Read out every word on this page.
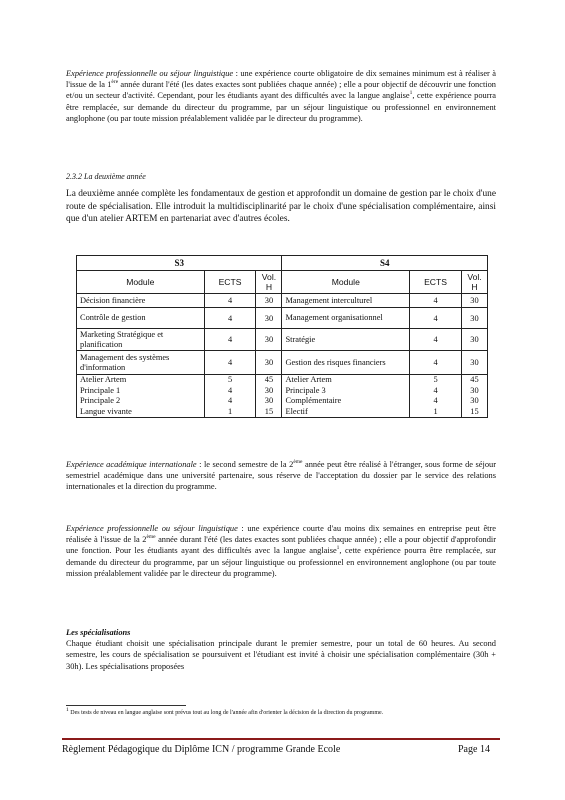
Expérience professionnelle ou séjour linguistique : une expérience courte obligatoire de dix semaines minimum est à réaliser à l'issue de la 1ère année durant l'été (les dates exactes sont publiées chaque année) ; elle a pour objectif de découvrir une fonction et/ou un secteur d'activité. Cependant, pour les étudiants ayant des difficultés avec la langue anglaise$^1$, cette expérience pourra être remplacée, sur demande du directeur du programme, par un séjour linguistique ou professionnel en environnement anglophone (ou par toute mission préalablement validée par le directeur du programme).

2.3.2 La deuxième année

La deuxième année complète les fondamentaux de gestion et approfondit un domaine de gestion par le choix d'une route de spécialisation. Elle introduit la multidisciplinarité par le choix d'une spécialisation complémentaire, ainsi que d'un atelier ARTEM en partenariat avec d'autres écoles.

S3			S4		
Module	ECTS	Vol. H	Module	ECTS	Vol. H
Décision financière	4	30	Management interculturel	4	30
Contrôle de gestion	4	30	Management organisationnel	4	30
Marketing Stratégique et planification	4	30	Stratégie	4	30
Management des systèmes d'information	4	30	Gestion des risques financiers	4	30
Atelier Artem	5	45	Atelier Artem	5	45
Principale 1	4	30	Principale 3	4	30
Principale 2	4	30	Complémentaire	4	30
Langue vivante	1	15	Electif	1	15

Expérience académique internationale : le second semestre de la 2ème année peut être réalisé à l'étranger, sous forme de séjour semestriel académique dans une université partenaire, sous réserve de l'acceptation du dossier par le service des relations internationales et la direction du programme.

Expérience professionnelle ou séjour linguistique : une expérience courte d'au moins dix semaines en entreprise peut être réalisée à l'issue de la 2ème année durant l'été (les dates exactes sont publiées chaque année) ; elle a pour objectif d'approfondir une fonction. Pour les étudiants ayant des difficultés avec la langue anglaise$^1$, cette expérience pourra être remplacée, sur demande du directeur du programme, par un séjour linguistique ou professionnel en environnement anglophone (ou par toute mission préalablement validée par le directeur du programme).

Les spécialisations
Chaque étudiant choisit une spécialisation principale durant le premier semestre, pour un total de 60 heures. Au second semestre, les cours de spécialisation se poursuivent et l'étudiant est invité à choisir une spécialisation complémentaire (30h + 30h). Les spécialisations proposées

$^1$ Des tests de niveau en langue anglaise sont prévus tout au long de l'année afin d'orienter la décision de la direction du programme.

Règlement Pédagogique du Diplôme ICN / programme Grande Ecole	Page 14
